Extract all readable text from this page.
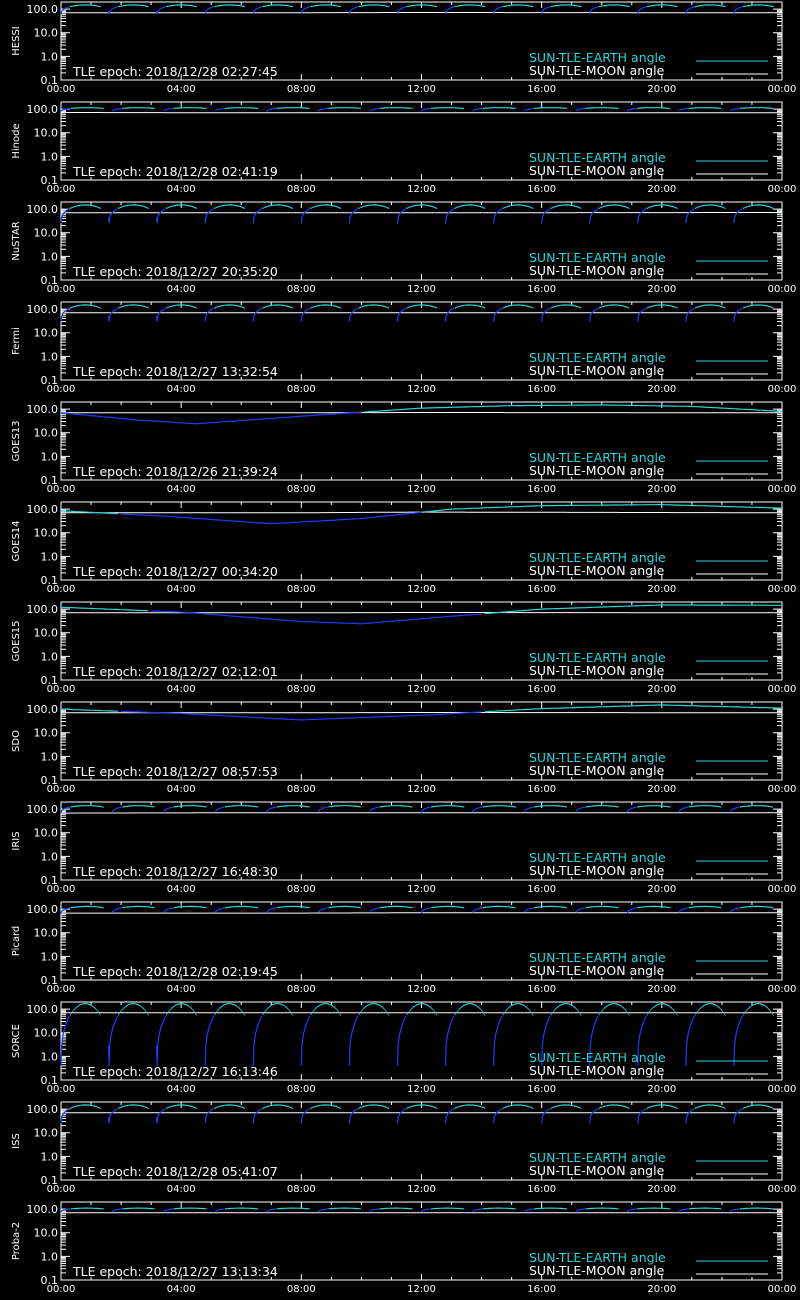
100.0
10.0
1.0
0.1
00:00	04:00	08:00	12:00	16:00	20:00	00:00
HESSI
TLE epoch: 2018/12/28 02:27:45
SUN-TLE-EARTH angle
SUN-TLE-MOON angle
100.0
10.0
1.0
0.1
00:00	04:00	08:00	12:00	16:00	20:00	00:00
Hinode
TLE epoch: 2018/12/28 02:41:19
SUN-TLE-EARTH angle
SUN-TLE-MOON angle
100.0
10.0
1.0
0.1
00:00	04:00	08:00	12:00	16:00	20:00	00:00
NuSTAR
TLE epoch: 2018/12/27 20:35:20
SUN-TLE-EARTH angle
SUN-TLE-MOON angle
100.0
10.0
1.0
0.1
00:00	04:00	08:00	12:00	16:00	20:00	00:00
Fermi
TLE epoch: 2018/12/27 13:32:54
SUN-TLE-EARTH angle
SUN-TLE-MOON angle
100.0
10.0
1.0
0.1
00:00	04:00	08:00	12:00	16:00	20:00	00:00
GOES13
TLE epoch: 2018/12/26 21:39:24
SUN-TLE-EARTH angle
SUN-TLE-MOON angle
100.0
10.0
1.0
0.1
00:00	04:00	08:00	12:00	16:00	20:00	00:00
GOES14
TLE epoch: 2018/12/27 00:34:20
SUN-TLE-EARTH angle
SUN-TLE-MOON angle
100.0
10.0
1.0
0.1
00:00	04:00	08:00	12:00	16:00	20:00	00:00
GOES15
TLE epoch: 2018/12/27 02:12:01
SUN-TLE-EARTH angle
SUN-TLE-MOON angle
100.0
10.0
1.0
0.1
00:00	04:00	08:00	12:00	16:00	20:00	00:00
SDO
TLE epoch: 2018/12/27 08:57:53
SUN-TLE-EARTH angle
SUN-TLE-MOON angle
100.0
10.0
1.0
0.1
00:00	04:00	08:00	12:00	16:00	20:00	00:00
IRIS
TLE epoch: 2018/12/27 16:48:30
SUN-TLE-EARTH angle
SUN-TLE-MOON angle
100.0
10.0
1.0
0.1
00:00	04:00	08:00	12:00	16:00	20:00	00:00
Picard
TLE epoch: 2018/12/28 02:19:45
SUN-TLE-EARTH angle
SUN-TLE-MOON angle
100.0
10.0
1.0
0.1
00:00	04:00	08:00	12:00	16:00	20:00	00:00
SORCE
TLE epoch: 2018/12/27 16:13:46
SUN-TLE-EARTH angle
SUN-TLE-MOON angle
100.0
10.0
1.0
0.1
00:00	04:00	08:00	12:00	16:00	20:00	00:00
ISS
TLE epoch: 2018/12/28 05:41:07
SUN-TLE-EARTH angle
SUN-TLE-MOON angle
100.0
10.0
1.0
0.1
00:00	04:00	08:00	12:00	16:00	20:00	00:00
Proba-2
TLE epoch: 2018/12/27 13:13:34
SUN-TLE-EARTH angle
SUN-TLE-MOON angle
